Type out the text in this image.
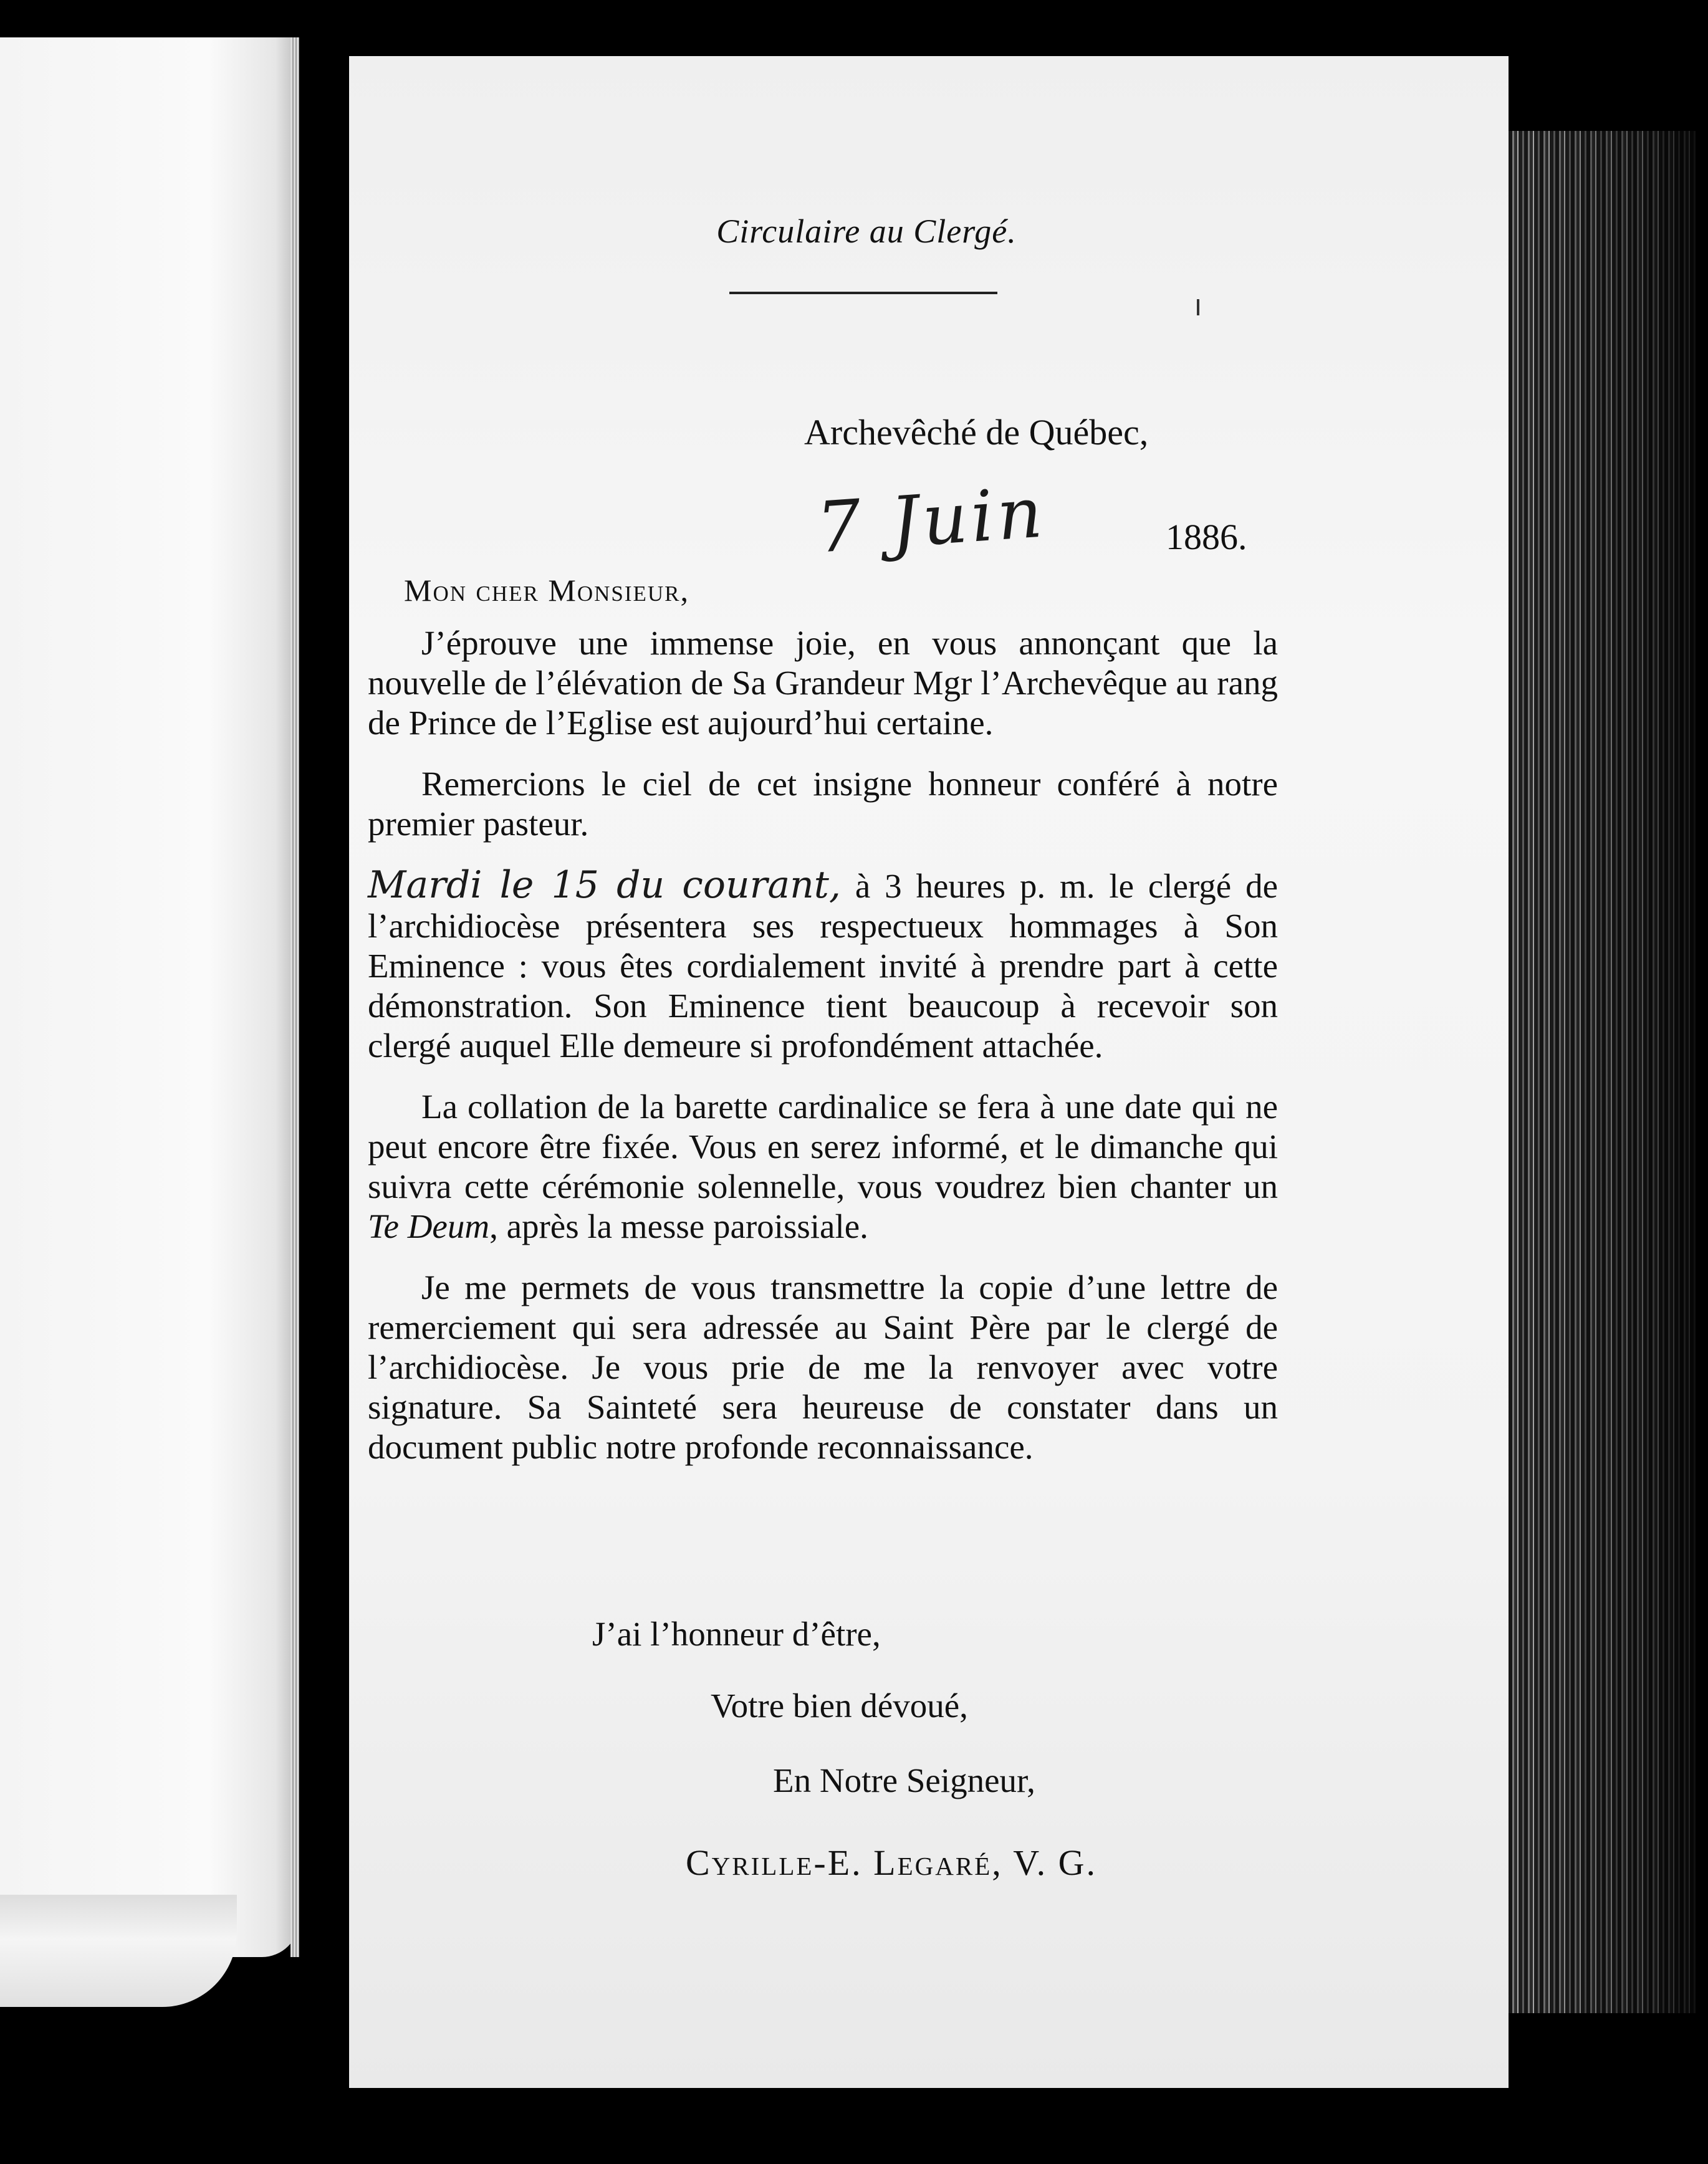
Circulaire au Clergé.
Archevêché de Québec,
7 Juin	1886.
Mon cher Monsieur,

J’éprouve une immense joie, en vous annonçant que la nouvelle de l’élévation de Sa Grandeur Mgr l’Archevêque au rang de Prince de l’Eglise est aujourd’hui certaine.

Remercions le ciel de cet insigne honneur conféré à notre premier pasteur.

Mardi le 15 du courant, à 3 heures p. m. le clergé de l’archidiocèse présentera ses respectueux hommages à Son Eminence : vous êtes cordialement invité à prendre part à cette démonstration. Son Eminence tient beaucoup à recevoir son clergé auquel Elle demeure si profondément attachée.

La collation de la barette cardinalice se fera à une date qui ne peut encore être fixée. Vous en serez informé, et le dimanche qui suivra cette cérémonie solennelle, vous voudrez bien chanter un Te Deum, après la messe paroissiale.

Je me permets de vous transmettre la copie d’une lettre de remerciement qui sera adressée au Saint Père par le clergé de l’archidiocèse. Je vous prie de me la renvoyer avec votre signature. Sa Sainteté sera heureuse de constater dans un document public notre profonde reconnaissance.

J’ai l’honneur d’être,
Votre bien dévoué,
En Notre Seigneur,
Cyrille-E. Legaré, V. G.
